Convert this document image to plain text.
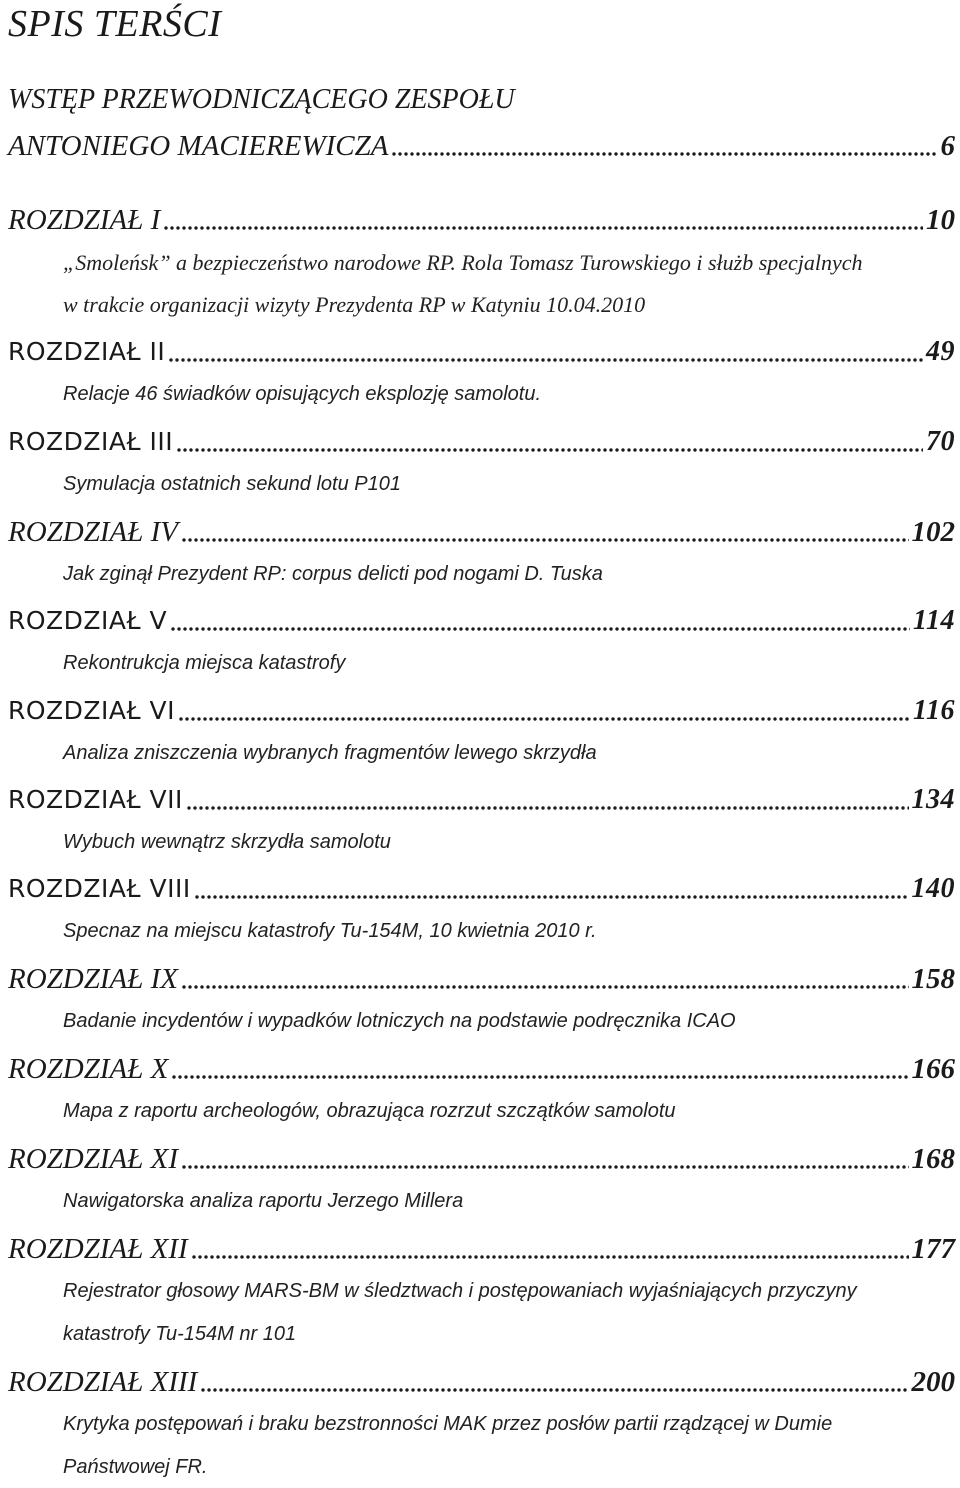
SPIS TERŚCI
WSTĘP PRZEWODNICZĄCEGO ZESPOŁU
ANTONIEGO MACIEREWICZA	6
ROZDZIAŁ I	10
„Smoleńsk” a bezpieczeństwo narodowe RP. Rola Tomasz Turowskiego i służb specjalnych
w trakcie organizacji wizyty Prezydenta RP w Katyniu 10.04.2010
ROZDZIAŁ II	49
Relacje 46 świadków opisujących eksplozję samolotu.
ROZDZIAŁ III	70
Symulacja ostatnich sekund lotu P101
ROZDZIAŁ IV	102
Jak zginął Prezydent RP: corpus delicti pod nogami D. Tuska
ROZDZIAŁ V	114
Rekontrukcja miejsca katastrofy
ROZDZIAŁ VI	116
Analiza zniszczenia wybranych fragmentów lewego skrzydła
ROZDZIAŁ VII	134
Wybuch wewnątrz skrzydła samolotu
ROZDZIAŁ VIII	140
Specnaz na miejscu katastrofy Tu-154M, 10 kwietnia 2010 r.
ROZDZIAŁ IX	158
Badanie incydentów i wypadków lotniczych na podstawie podręcznika ICAO
ROZDZIAŁ X	166
Mapa z raportu archeologów, obrazująca rozrzut szczątków samolotu
ROZDZIAŁ XI	168
Nawigatorska analiza raportu Jerzego Millera
ROZDZIAŁ XII	177
Rejestrator głosowy MARS-BM w śledztwach i postępowaniach wyjaśniających przyczyny
katastrofy Tu-154M nr 101
ROZDZIAŁ XIII	200
Krytyka postępowań i braku bezstronności MAK przez posłów partii rządzącej w Dumie
Państwowej FR.
